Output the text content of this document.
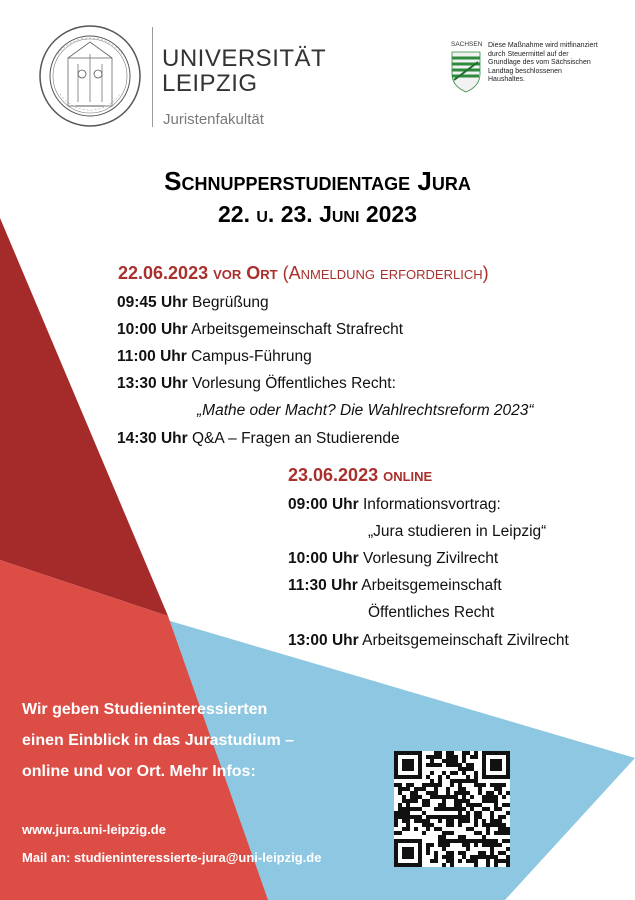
UNIVERSITÄT
LEIPZIG
Juristenfakultät
SACHSEN Diese Maßnahme wird mitfinanziert durch Steuermittel auf der Grundlage des vom Sächsischen Landtag beschlossenen Haushaltes.
Schnupperstudientage Jura
22. u. 23. Juni 2023
22.06.2023 vor Ort (Anmeldung erforderlich)
09:45 Uhr Begrüßung
10:00 Uhr Arbeitsgemeinschaft Strafrecht
11:00 Uhr Campus-Führung
13:30 Uhr Vorlesung Öffentliches Recht:
„Mathe oder Macht? Die Wahlrechtsreform 2023“
14:30 Uhr Q&A – Fragen an Studierende
23.06.2023 online
09:00 Uhr Informationsvortrag:
„Jura studieren in Leipzig“
10:00 Uhr Vorlesung Zivilrecht
11:30 Uhr Arbeitsgemeinschaft
Öffentliches Recht
13:00 Uhr Arbeitsgemeinschaft Zivilrecht
Wir geben Studieninteressierten
einen Einblick in das Jurastudium –
online und vor Ort. Mehr Infos:
www.jura.uni-leipzig.de
Mail an: studieninteressierte-jura@uni-leipzig.de
